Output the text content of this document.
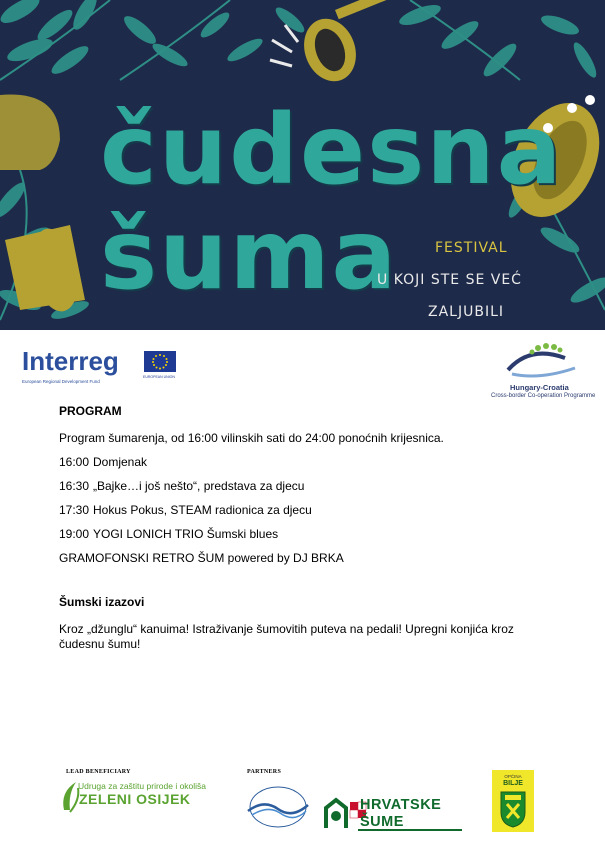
čudesna
šuma	FESTIVAL
U KOJI STE SE VEĆ
ZALJUBILI
Interreg
European Regional Development Fund
EUROPEAN UNION
Hungary-Croatia
Cross-border Co-operation Programme
PROGRAM
Program šumarenja, od 16:00 vilinskih sati do 24:00 ponoćnih krijesnica.
16:00 Domjenak
16:30 „Bajke…i još nešto“, predstava za djecu
17:30 Hokus Pokus, STEAM radionica za djecu
19:00 YOGI LONICH TRIO Šumski blues
GRAMOFONSKI RETRO ŠUM powered by DJ BRKA
Šumski izazovi
Kroz „džunglu“ kanuima! Istraživanje šumovitih puteva na pedali! Upregni konjića kroz čudesnu šumu!
LEAD BENEFICIARY	PARTNERS
Udruga za zaštitu prirode i okoliša
ZELENI OSIJEK	HRVATSKE
ŠUME
OPĆINA
BILJE
